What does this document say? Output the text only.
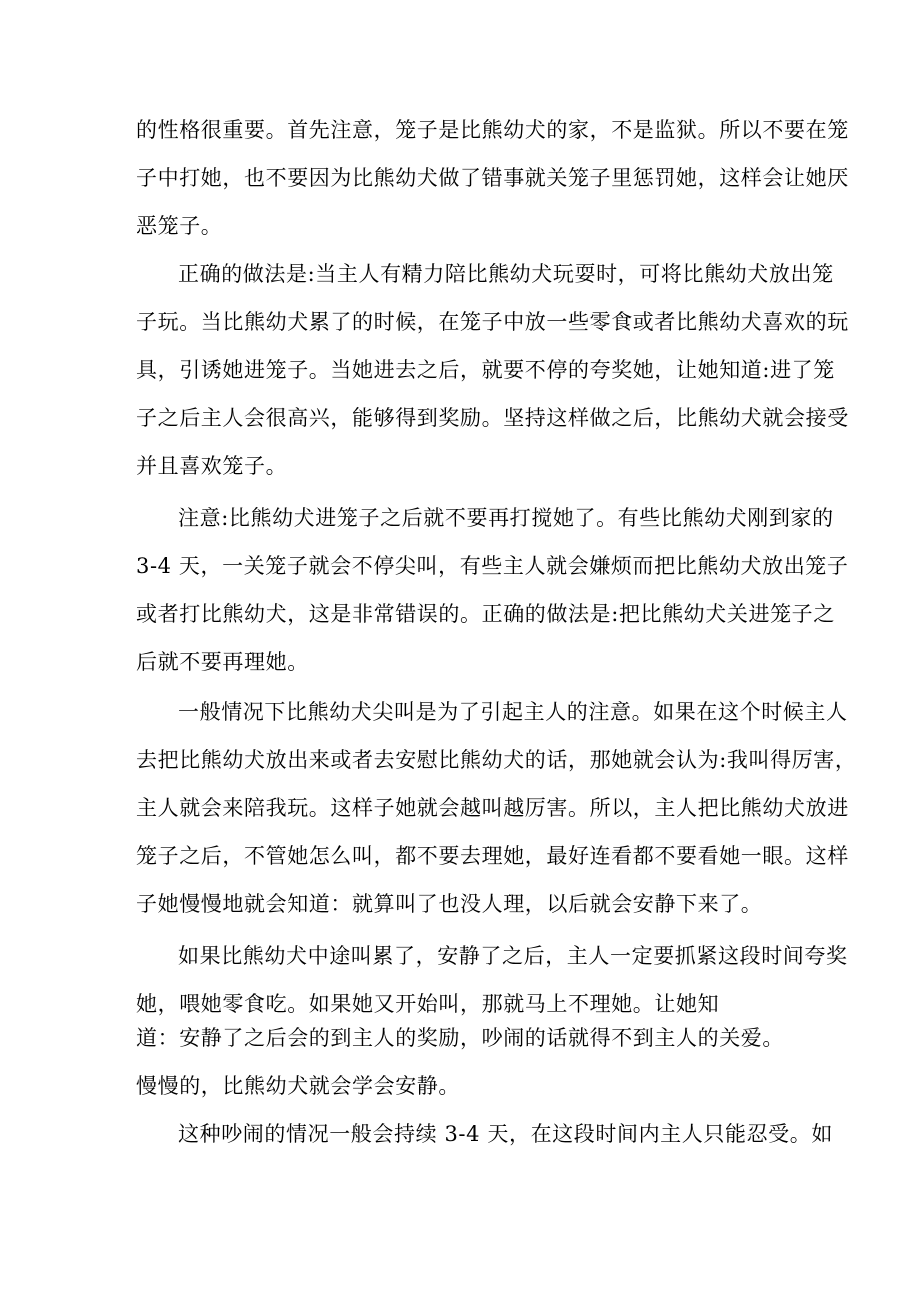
的性格很重要。首先注意，笼子是比熊幼犬的家，不是监狱。所以不要在笼

子中打她，也不要因为比熊幼犬做了错事就关笼子里惩罚她，这样会让她厌

恶笼子。

正确的做法是:当主人有精力陪比熊幼犬玩耍时，可将比熊幼犬放出笼

子玩。当比熊幼犬累了的时候，在笼子中放一些零食或者比熊幼犬喜欢的玩

具，引诱她进笼子。当她进去之后，就要不停的夸奖她，让她知道:进了笼

子之后主人会很高兴，能够得到奖励。坚持这样做之后，比熊幼犬就会接受

并且喜欢笼子。

注意:比熊幼犬进笼子之后就不要再打搅她了。有些比熊幼犬刚到家的

3-4 天，一关笼子就会不停尖叫，有些主人就会嫌烦而把比熊幼犬放出笼子

或者打比熊幼犬，这是非常错误的。正确的做法是:把比熊幼犬关进笼子之

后就不要再理她。

一般情况下比熊幼犬尖叫是为了引起主人的注意。如果在这个时候主人

去把比熊幼犬放出来或者去安慰比熊幼犬的话，那她就会认为:我叫得厉害，

主人就会来陪我玩。这样子她就会越叫越厉害。所以，主人把比熊幼犬放进

笼子之后，不管她怎么叫，都不要去理她，最好连看都不要看她一眼。这样

子她慢慢地就会知道：就算叫了也没人理，以后就会安静下来了。

如果比熊幼犬中途叫累了，安静了之后，主人一定要抓紧这段时间夸奖

她，喂她零食吃。如果她又开始叫，那就马上不理她。让她知

道：安静了之后会的到主人的奖励，吵闹的话就得不到主人的关爱。

慢慢的，比熊幼犬就会学会安静。

这种吵闹的情况一般会持续 3-4 天，在这段时间内主人只能忍受。如
